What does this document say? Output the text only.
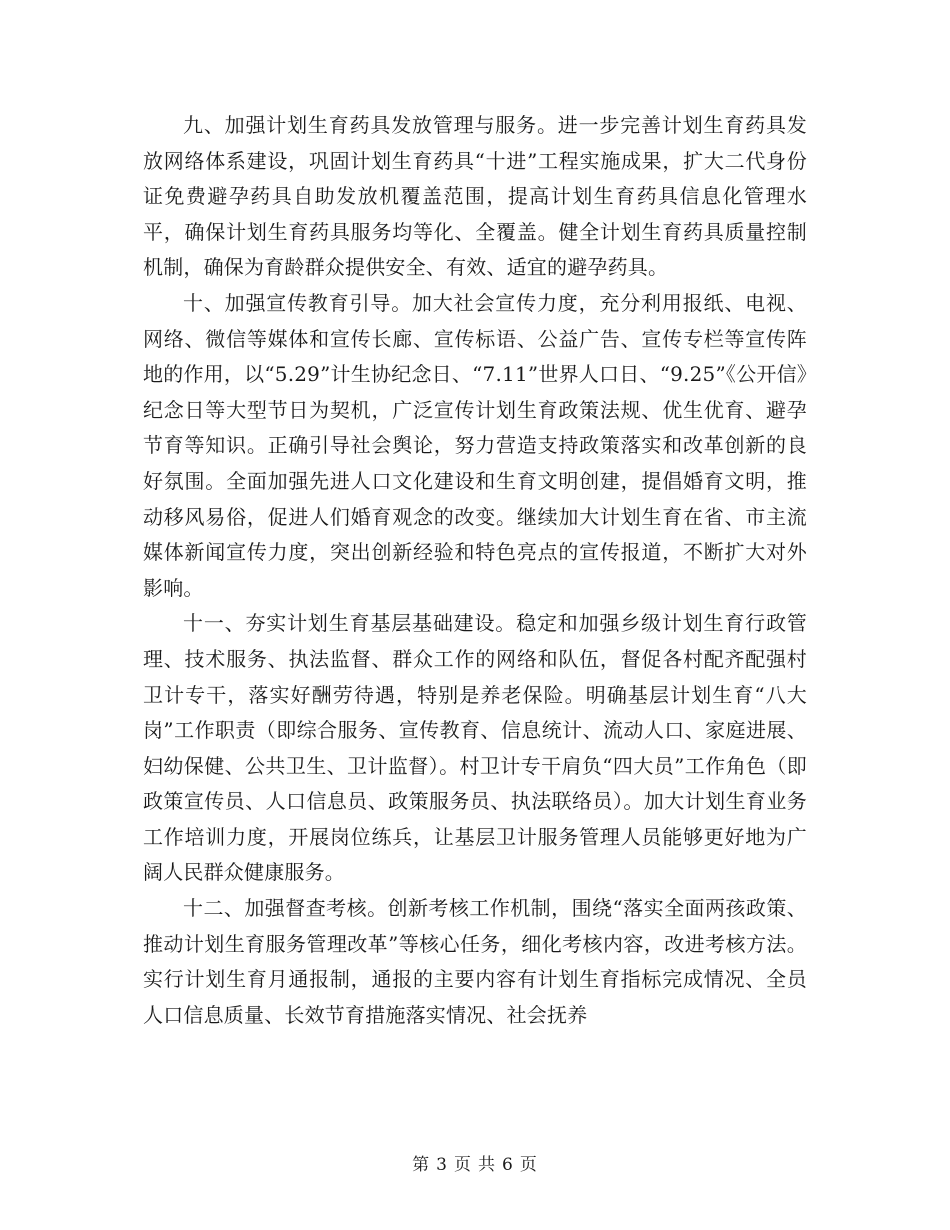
九、加强计划生育药具发放管理与服务。进一步完善计划生育药具发放网络体系建设，巩固计划生育药具“十进”工程实施成果，扩大二代身份证免费避孕药具自助发放机覆盖范围，提高计划生育药具信息化管理水平，确保计划生育药具服务均等化、全覆盖。健全计划生育药具质量控制机制，确保为育龄群众提供安全、有效、适宜的避孕药具。

十、加强宣传教育引导。加大社会宣传力度，充分利用报纸、电视、网络、微信等媒体和宣传长廊、宣传标语、公益广告、宣传专栏等宣传阵地的作用，以“5.29”计生协纪念日、“7.11”世界人口日、“9.25”《公开信》纪念日等大型节日为契机，广泛宣传计划生育政策法规、优生优育、避孕节育等知识。正确引导社会舆论，努力营造支持政策落实和改革创新的良好氛围。全面加强先进人口文化建设和生育文明创建，提倡婚育文明，推动移风易俗，促进人们婚育观念的改变。继续加大计划生育在省、市主流媒体新闻宣传力度，突出创新经验和特色亮点的宣传报道，不断扩大对外影响。

十一、夯实计划生育基层基础建设。稳定和加强乡级计划生育行政管理、技术服务、执法监督、群众工作的网络和队伍，督促各村配齐配强村卫计专干，落实好酬劳待遇，特别是养老保险。明确基层计划生育“八大岗”工作职责（即综合服务、宣传教育、信息统计、流动人口、家庭进展、妇幼保健、公共卫生、卫计监督）。村卫计专干肩负“四大员”工作角色（即政策宣传员、人口信息员、政策服务员、执法联络员）。加大计划生育业务工作培训力度，开展岗位练兵，让基层卫计服务管理人员能够更好地为广阔人民群众健康服务。

十二、加强督查考核。创新考核工作机制，围绕“落实全面两孩政策、推动计划生育服务管理改革”等核心任务，细化考核内容，改进考核方法。实行计划生育月通报制，通报的主要内容有计划生育指标完成情况、全员人口信息质量、长效节育措施落实情况、社会抚养

第 3 页 共 6 页
